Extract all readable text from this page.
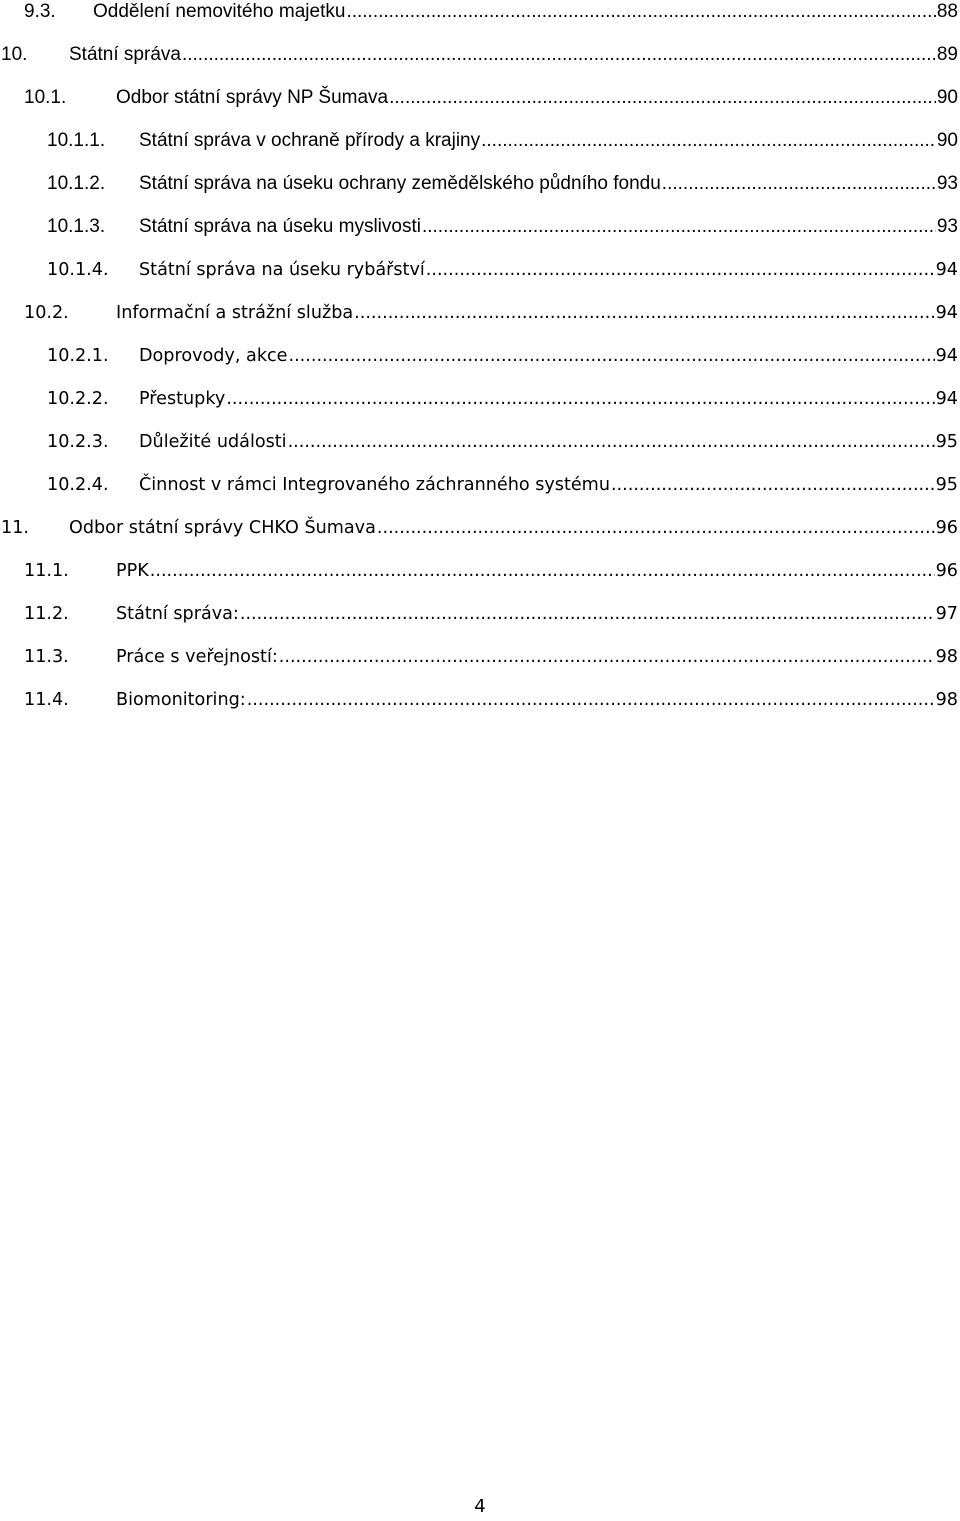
9.3.	Oddělení nemovitého majetku .....	88
10.	Státní správa .....	89
10.1.	Odbor státní správy NP Šumava .....	90
10.1.1.	Státní správa v ochraně přírody a krajiny .....	90
10.1.2.	Státní správa na úseku ochrany zemědělského půdního fondu .....	93
10.1.3.	Státní správa na úseku myslivosti .....	93
10.1.4.	Státní správa na úseku rybářství .....	94
10.2.	Informační a strážní služba .....	94
10.2.1.	Doprovody, akce .....	94
10.2.2.	Přestupky .....	94
10.2.3.	Důležité události .....	95
10.2.4.	Činnost v rámci Integrovaného záchranného systému .....	95
11.	Odbor státní správy CHKO Šumava .....	96
11.1.	PPK .....	96
11.2.	Státní správa: .....	97
11.3.	Práce s veřejností: .....	98
11.4.	Biomonitoring: .....	98
4
